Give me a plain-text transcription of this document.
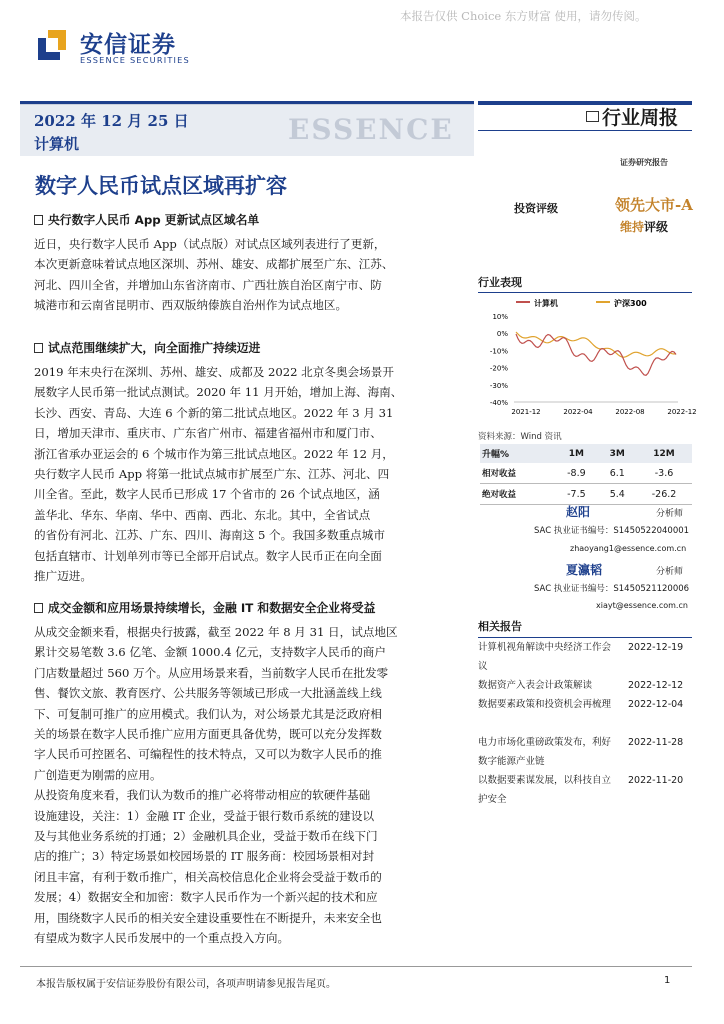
本报告仅供 Choice 东方财富 使用，请勿传阅。
安信证券
ESSENCE SECURITIES
2022 年 12 月 25 日
计算机	ESSENCE	行业周报
证券研究报告
数字人民币试点区域再扩容
投资评级	领先大市-A
维持评级
央行数字人民币 App 更新试点区域名单
近日，央行数字人民币 App（试点版）对试点区域列表进行了更新，
本次更新意味着试点地区深圳、苏州、雄安、成都扩展至广东、江苏、
河北、四川全省，并增加山东省济南市、广西壮族自治区南宁市、防
城港市和云南省昆明市、西双版纳傣族自治州作为试点地区。
试点范围继续扩大，向全面推广持续迈进
2019 年末央行在深圳、苏州、雄安、成都及 2022 北京冬奥会场景开
展数字人民币第一批试点测试。2020 年 11 月开始，增加上海、海南、
长沙、西安、青岛、大连 6 个新的第二批试点地区。2022 年 3 月 31
日，增加天津市、重庆市、广东省广州市、福建省福州市和厦门市、
浙江省承办亚运会的 6 个城市作为第三批试点地区。2022 年 12 月，
央行数字人民币 App 将第一批试点城市扩展至广东、江苏、河北、四
川全省。至此，数字人民币已形成 17 个省市的 26 个试点地区，涵
盖华北、华东、华南、华中、西南、西北、东北。其中，全省试点
的省份有河北、江苏、广东、四川、海南这 5 个。我国多数重点城市
包括直辖市、计划单列市等已全部开启试点。数字人民币正在向全面
推广迈进。
成交金额和应用场景持续增长，金融 IT 和数据安全企业将受益
从成交金额来看，根据央行披露，截至 2022 年 8 月 31 日，试点地区
累计交易笔数 3.6 亿笔、金额 1000.4 亿元，支持数字人民币的商户
门店数量超过 560 万个。从应用场景来看，当前数字人民币在批发零
售、餐饮文旅、教育医疗、公共服务等领域已形成一大批涵盖线上线
下、可复制可推广的应用模式。我们认为，对公场景尤其是泛政府相
关的场景在数字人民币推广应用方面更具备优势，既可以充分发挥数
字人民币可控匿名、可编程性的技术特点，又可以为数字人民币的推
广创造更为刚需的应用。
从投资角度来看，我们认为数币的推广必将带动相应的软硬件基础
设施建设，关注：1）金融 IT 企业，受益于银行数币系统的建设以
及与其他业务系统的打通；2）金融机具企业，受益于数币在线下门
店的推广；3）特定场景如校园场景的 IT 服务商：校园场景相对封
闭且丰富，有利于数币推广，相关高校信息化企业将会受益于数币的
发展；4）数据安全和加密：数字人民币作为一个新兴起的技术和应
用，围绕数字人民币的相关安全建设重要性在不断提升，未来安全也
有望成为数字人民币发展中的一个重点投入方向。
行业表现
计算机	沪深300
10%
0%
-10%
-20%
-30%
-40%
2021-12	2022-04	2022-08	2022-12
资料来源：Wind 资讯
升幅%	1M	3M	12M
相对收益	-8.9	6.1	-3.6
绝对收益	-7.5	5.4	-26.2
赵阳	分析师
SAC 执业证书编号：S1450522040001
zhaoyang1@essence.com.cn
夏瀛韬	分析师
SAC 执业证书编号：S1450521120006
xiayt@essence.com.cn
相关报告
计算机视角解读中央经济工作会议
2022-12-19
数据资产入表会计政策解读	2022-12-12
数据要素政策和投资机会再梳理	2022-12-04
电力市场化重磅政策发布，利好数字能源产业链
2022-11-28
以数据要素谋发展，以科技自立护安全
2022-11-20
本报告版权属于安信证券股份有限公司，各项声明请参见报告尾页。	1
